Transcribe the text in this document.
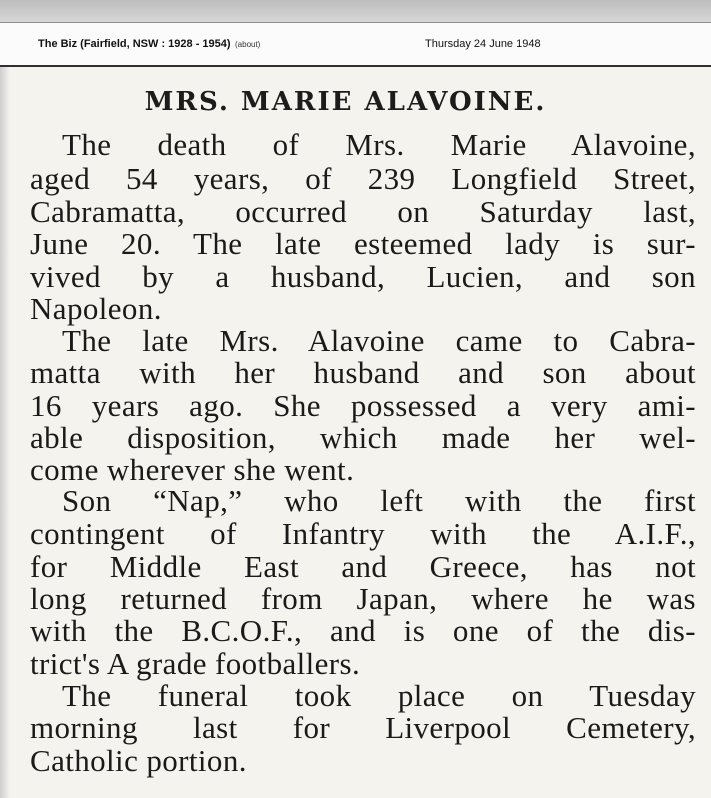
The Biz (Fairfield, NSW : 1928 - 1954) (about)	Thursday 24 June 1948
MRS. MARIE ALAVOINE.
The death of Mrs. Marie Alavoine,
aged 54 years, of 239 Longfield Street,
Cabramatta, occurred on Saturday last,
June 20. The late esteemed lady is sur-
vived by a husband, Lucien, and son
Napoleon.
The late Mrs. Alavoine came to Cabra-
matta with her husband and son about
16 years ago. She possessed a very ami-
able disposition, which made her wel-
come wherever she went.
Son “Nap,” who left with the first
contingent of Infantry with the A.I.F.,
for Middle East and Greece, has not
long returned from Japan, where he was
with the B.C.O.F., and is one of the dis-
trict's A grade footballers.
The funeral took place on Tuesday
morning last for Liverpool Cemetery,
Catholic portion.
